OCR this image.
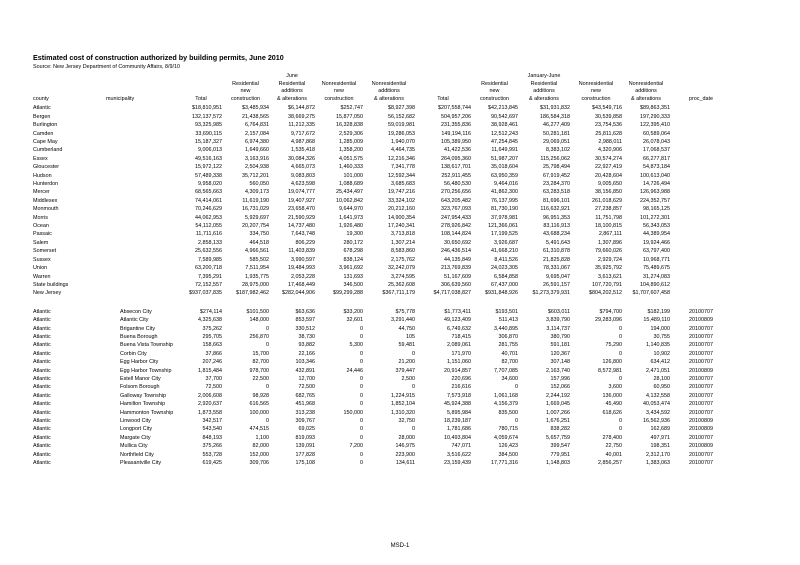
Estimated cost of construction authorized by building permits, June 2010
Source: New Jersey Department of Community Affairs, 8/9/10
				June					January-June			
			Residential	Residential	Nonresidential	Nonresidential		Residential	Residential	Nonresidential	Nonresidential	
			new	additions	new	additions		new	additions	new	additions	
county	municipality	Total	construction	& alterations	construction	& alterations	Total	construction	& alterations	construction	& alterations	proc_date
Atlantic		$18,810,951	$3,485,934	$6,144,872	$252,747	$8,927,398	$207,558,744	$42,213,845	$31,931,832	$43,549,716	$89,863,351	
Bergen		132,137,572	21,438,565	38,669,275	15,877,050	56,152,682	504,957,206	90,542,697	186,584,318	30,539,858	197,290,333	
Burlington		93,325,985	6,764,831	11,212,335	16,328,838	59,019,981	231,355,836	38,928,461	46,277,409	23,754,536	122,395,410	
Camden		33,690,115	2,157,084	9,717,672	2,529,306	19,286,053	149,194,116	12,512,243	50,281,181	25,811,628	60,589,064	
Cape May		15,187,327	6,974,380	4,987,868	1,285,009	1,940,070	105,389,950	47,254,845	29,069,051	2,988,011	26,078,043	
Cumberland		9,006,013	1,649,660	1,535,418	1,358,200	4,464,735	41,422,536	11,649,991	8,383,102	4,320,906	17,068,537	
Essex		49,516,163	3,163,916	30,084,326	4,051,575	12,216,346	264,095,360	51,987,207	115,256,062	30,574,274	66,277,817	
Gloucester		15,972,122	2,504,938	4,665,073	1,460,333	7,341,778	138,617,701	35,018,604	25,798,494	22,927,419	54,873,184	
Hudson		57,489,338	35,712,201	9,083,803	101,000	12,592,344	252,911,455	63,950,359	67,919,452	20,428,604	100,613,040	
Hunterdon		9,958,020	560,050	4,623,598	1,088,689	3,685,683	56,480,530	9,464,016	23,284,370	9,005,650	14,726,494	
Mercer		68,565,663	4,309,173	19,074,777	25,434,497	19,747,216	270,256,656	41,862,300	63,283,518	38,156,850	126,963,988	
Middlesex		74,414,061	11,619,190	19,407,927	10,062,842	33,324,102	643,205,482	76,137,995	81,696,101	261,018,629	224,352,757	
Monmouth		70,246,629	16,731,029	23,658,470	9,644,970	20,212,160	323,767,093	81,730,190	116,632,921	27,238,857	98,165,125	
Morris		44,062,953	5,929,697	21,590,929	1,641,973	14,900,354	247,954,433	37,978,981	96,951,353	11,751,798	101,272,301	
Ocean		54,112,055	20,207,754	14,737,480	1,926,480	17,240,341	278,926,842	121,366,061	83,116,913	18,100,815	56,343,053	
Passaic		11,711,616	334,750	7,643,748	19,300	3,713,818	108,144,824	17,199,525	43,688,234	2,867,111	44,389,954	
Salem		2,858,133	464,518	806,229	280,172	1,307,214	30,650,692	3,926,687	5,491,643	1,307,896	19,924,466	
Somerset		25,632,556	4,966,561	11,403,839	678,298	8,583,860	246,436,514	41,668,210	61,310,878	79,660,026	63,797,400	
Sussex		7,589,985	585,502	3,990,597	838,124	2,175,762	44,135,849	8,411,526	21,825,828	2,929,724	10,968,771	
Union		63,200,718	7,511,954	19,484,993	3,961,692	32,242,079	213,769,839	24,023,305	78,331,067	35,925,792	75,489,675	
Warren		7,395,291	1,935,775	2,053,228	131,693	3,274,595	51,167,609	6,584,858	9,695,047	3,613,621	31,274,083	
State buildings		72,152,557	28,975,000	17,468,449	346,500	25,362,608	306,639,560	67,437,000	26,591,157	107,720,791	104,890,612	
New Jersey		$937,037,835	$187,982,462	$282,044,906	$99,299,288	$367,711,179	$4,717,038,827	$931,848,926	$1,273,379,931	$804,202,512	$1,707,607,458	

Atlantic	Absecon City	$274,114	$101,500	$63,636	$33,200	$75,778	$1,773,411	$193,501	$603,011	$794,700	$182,199	20100707
Atlantic	Atlantic City	4,325,638	148,000	853,597	32,601	3,291,440	49,123,409	511,413	3,839,790	29,283,096	15,489,110	20100809
Atlantic	Brigantine City	375,262	0	330,512	0	44,750	6,749,632	3,440,895	3,114,737	0	194,000	20100707
Atlantic	Buena Borough	295,705	256,870	38,730	0	105	718,415	306,870	380,790	0	30,755	20100707
Atlantic	Buena Vista Township	158,663	0	93,882	5,300	59,481	2,089,061	281,755	591,181	75,290	1,140,835	20100707
Atlantic	Corbin City	37,866	15,700	22,166	0	0	171,970	40,701	120,367	0	10,902	20100707
Atlantic	Egg Harbor City	207,246	82,700	103,346	0	21,200	1,151,060	82,700	307,148	126,800	634,412	20100707
Atlantic	Egg Harbor Township	1,815,484	978,700	432,891	24,446	379,447	20,914,857	7,707,085	2,163,740	8,572,981	2,471,051	20100809
Atlantic	Estell Manor City	37,700	22,500	12,700	0	2,500	220,696	34,600	157,996	0	28,100	20100707
Atlantic	Folsom Borough	72,500	0	72,500	0	0	216,616	0	152,066	3,600	60,950	20100707
Atlantic	Galloway Township	2,006,608	98,928	682,765	0	1,224,915	7,573,918	1,061,168	2,244,192	136,000	4,132,558	20100707
Atlantic	Hamilton Township	2,920,637	616,565	451,968	0	1,852,104	45,924,388	4,156,379	1,669,045	45,490	40,053,474	20100707
Atlantic	Hammonton Township	1,873,558	100,000	313,238	150,000	1,310,320	5,895,984	835,500	1,007,266	618,626	3,434,592	20100707
Atlantic	Linwood City	342,517	0	309,767	0	32,750	18,239,187	0	1,676,251	0	16,562,936	20100809
Atlantic	Longport City	543,540	474,515	69,025	0	0	1,781,686	780,715	838,282	0	162,689	20100809
Atlantic	Margate City	848,193	1,100	819,093	0	28,000	10,493,804	4,059,674	5,657,759	278,400	497,971	20100707
Atlantic	Mullica City	375,266	82,000	139,091	7,200	146,975	747,071	126,423	399,547	22,750	198,351	20100809
Atlantic	Northfield City	553,728	152,000	177,828	0	223,900	3,516,622	384,500	779,951	40,001	2,312,170	20100707
Atlantic	Pleasantville City	619,425	309,706	175,108	0	134,611	23,159,439	17,771,316	1,148,803	2,856,257	1,383,063	20100707
MSD-1
